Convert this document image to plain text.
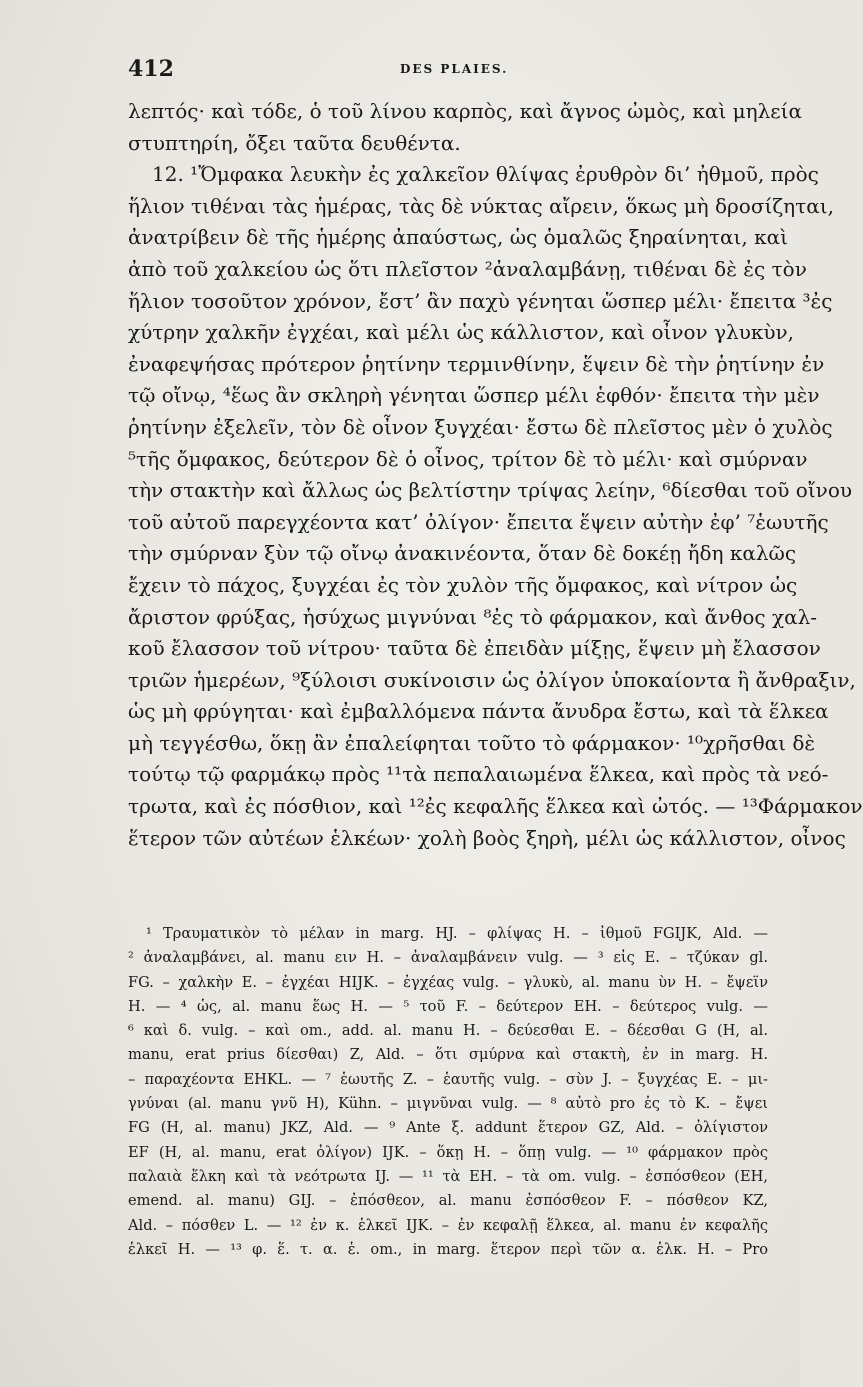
412	DES PLAIES.
λεπτός· καὶ τόδε, ὁ τοῦ λίνου καρπὸς, καὶ ἄγνος ὠμὸς, καὶ μηλεία
στυπτηρίη, ὄξει ταῦτα δευθέντα.
12. ¹Ὄμφακα λευκὴν ἐς χαλκεῖον θλίψας ἐρυθρὸν δι’ ἠθμοῦ, πρὸς
ἥλιον τιθέναι τὰς ἡμέρας, τὰς δὲ νύκτας αἴρειν, ὅκως μὴ δροσίζηται,
ἀνατρίβειν δὲ τῆς ἡμέρης ἀπαύστως, ὡς ὁμαλῶς ξηραίνηται, καὶ
ἀπὸ τοῦ χαλκείου ὡς ὅτι πλεῖστον ²ἀναλαμβάνῃ, τιθέναι δὲ ἐς τὸν
ἥλιον τοσοῦτον χρόνον, ἔστ’ ἂν παχὺ γένηται ὥσπερ μέλι· ἔπειτα ³ἐς
χύτρην χαλκῆν ἐγχέαι, καὶ μέλι ὡς κάλλιστον, καὶ οἶνον γλυκὺν,
ἐναφεψήσας πρότερον ῥητίνην τερμινθίνην, ἕψειν δὲ τὴν ῥητίνην ἐν
τῷ οἴνῳ, ⁴ἕως ἂν σκληρὴ γένηται ὥσπερ μέλι ἑφθόν· ἔπειτα τὴν μὲν
ῥητίνην ἐξελεῖν, τὸν δὲ οἶνον ξυγχέαι· ἔστω δὲ πλεῖστος μὲν ὁ χυλὸς
⁵τῆς ὄμφακος, δεύτερον δὲ ὁ οἶνος, τρίτον δὲ τὸ μέλι· καὶ σμύρναν
τὴν στακτὴν καὶ ἄλλως ὡς βελτίστην τρίψας λείην, ⁶δίεσθαι τοῦ οἴνου
τοῦ αὐτοῦ παρεγχέοντα κατ’ ὀλίγον· ἔπειτα ἕψειν αὐτὴν ἐφ’ ⁷ἑωυτῆς
τὴν σμύρναν ξὺν τῷ οἴνῳ ἀνακινέοντα, ὅταν δὲ δοκέῃ ἤδη καλῶς
ἔχειν τὸ πάχος, ξυγχέαι ἐς τὸν χυλὸν τῆς ὄμφακος, καὶ νίτρον ὡς
ἄριστον φρύξας, ἡσύχως μιγνύναι ⁸ἐς τὸ φάρμακον, καὶ ἄνθος χαλ-
κοῦ ἔλασσον τοῦ νίτρου· ταῦτα δὲ ἐπειδὰν μίξῃς, ἕψειν μὴ ἔλασσον
τριῶν ἡμερέων, ⁹ξύλοισι συκίνοισιν ὡς ὀλίγον ὑποκαίοντα ἢ ἄνθραξιν,
ὡς μὴ φρύγηται· καὶ ἐμβαλλόμενα πάντα ἄνυδρα ἔστω, καὶ τὰ ἕλκεα
μὴ τεγγέσθω, ὅκῃ ἂν ἐπαλείφηται τοῦτο τὸ φάρμακον· ¹⁰χρῆσθαι δὲ
τούτῳ τῷ φαρμάκῳ πρὸς ¹¹τὰ πεπαλαιωμένα ἕλκεα, καὶ πρὸς τὰ νεό-
τρωτα, καὶ ἐς πόσθιον, καὶ ¹²ἐς κεφαλῆς ἕλκεα καὶ ὠτός. — ¹³Φάρμακον
ἕτερον τῶν αὐτέων ἑλκέων· χολὴ βοὸς ξηρὴ, μέλι ὡς κάλλιστον, οἶνος
¹ Τραυματικὸν τὸ μέλαν in marg. HJ. – φλίψας H. – ἰθμοῦ FGIJK, Ald. —
² ἀναλαμβάνει, al. manu ειν H. – ἀναλαμβάνειν vulg. — ³ εἰς E. – τζύκαν gl.
FG. – χαλκὴν E. – ἐγχέαι HIJK. – ἐγχέας vulg. – γλυκὺ, al. manu ὺν H. – ἔψεϊν
H. — ⁴ ὡς, al. manu ἕως H. — ⁵ τοῦ F. – δεύτερον EH. – δεύτερος vulg. —
⁶ καὶ δ. vulg. – καὶ om., add. al. manu H. – δεύεσθαι E. – δέεσθαι G (H, al.
manu, erat prius δίεσθαι) Z, Ald. – ὅτι σμύρνα καὶ στακτὴ, ἐν in marg. H.
– παραχέοντα EHKL. — ⁷ ἑωυτῆς Z. – ἑαυτῆς vulg. – σὺν J. – ξυγχέας E. – μι-
γνύναι (al. manu γνῦ H), Kühn. – μιγνῦναι vulg. — ⁸ αὐτὸ pro ἐς τὸ K. – ἔψει
FG (H, al. manu) JKZ, Ald. — ⁹ Ante ξ. addunt ἕτερον GZ, Ald. – ὀλίγιστον
EF (H, al. manu, erat ὀλίγον) IJK. – ὅκῃ H. – ὅπῃ vulg. — ¹⁰ φάρμακον πρὸς
παλαιὰ ἕλκη καὶ τὰ νεότρωτα IJ. — ¹¹ τὰ EH. – τὰ om. vulg. – ἐσπόσθεον (EH,
emend. al. manu) GIJ. – ἐπόσθεον, al. manu ἐσπόσθεον F. – πόσθεον KZ,
Ald. – πόσθεν L. — ¹² ἐν κ. ἑλκεῖ IJK. – ἐν κεφαλῇ ἕλκεα, al. manu ἐν κεφαλῆς
ἑλκεῖ H. — ¹³ φ. ἕ. τ. α. ἑ. om., in marg. ἕτερον περὶ τῶν α. ἑλκ. H. – Pro
